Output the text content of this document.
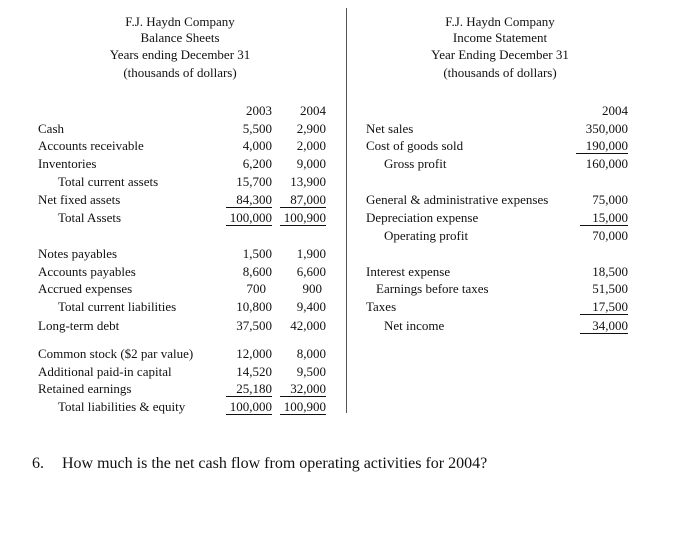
F.J. Haydn Company
Balance Sheets
Years ending December 31
(thousands of dollars)
2003	2004
Cash	5,500	2,900
Accounts receivable	4,000	2,000
Inventories	6,200	9,000
Total current assets	15,700	13,900
Net fixed assets	84,300	87,000
Total Assets	100,000 100,900
Notes payables	1,500	1,900
Accounts payables	8,600	6,600
Accrued expenses	700	900
Total current liabilities	10,800	9,400
Long-term debt	37,500	42,000
Common stock ($2 par value)	12,000	8,000
Additional paid-in capital	14,520	9,500
Retained earnings	25,180	32,000
Total liabilities & equity	100,000 100,900
F.J. Haydn Company
Income Statement
Year Ending December 31
(thousands of dollars)
2004
Net sales	350,000
Cost of goods sold	190,000
Gross profit	160,000
General & administrative expenses	75,000
Depreciation expense	15,000
Operating profit	70,000
Interest expense	18,500
Earnings before taxes	51,500
Taxes	17,500
Net income	34,000
6. How much is the net cash flow from operating activities for 2004?
